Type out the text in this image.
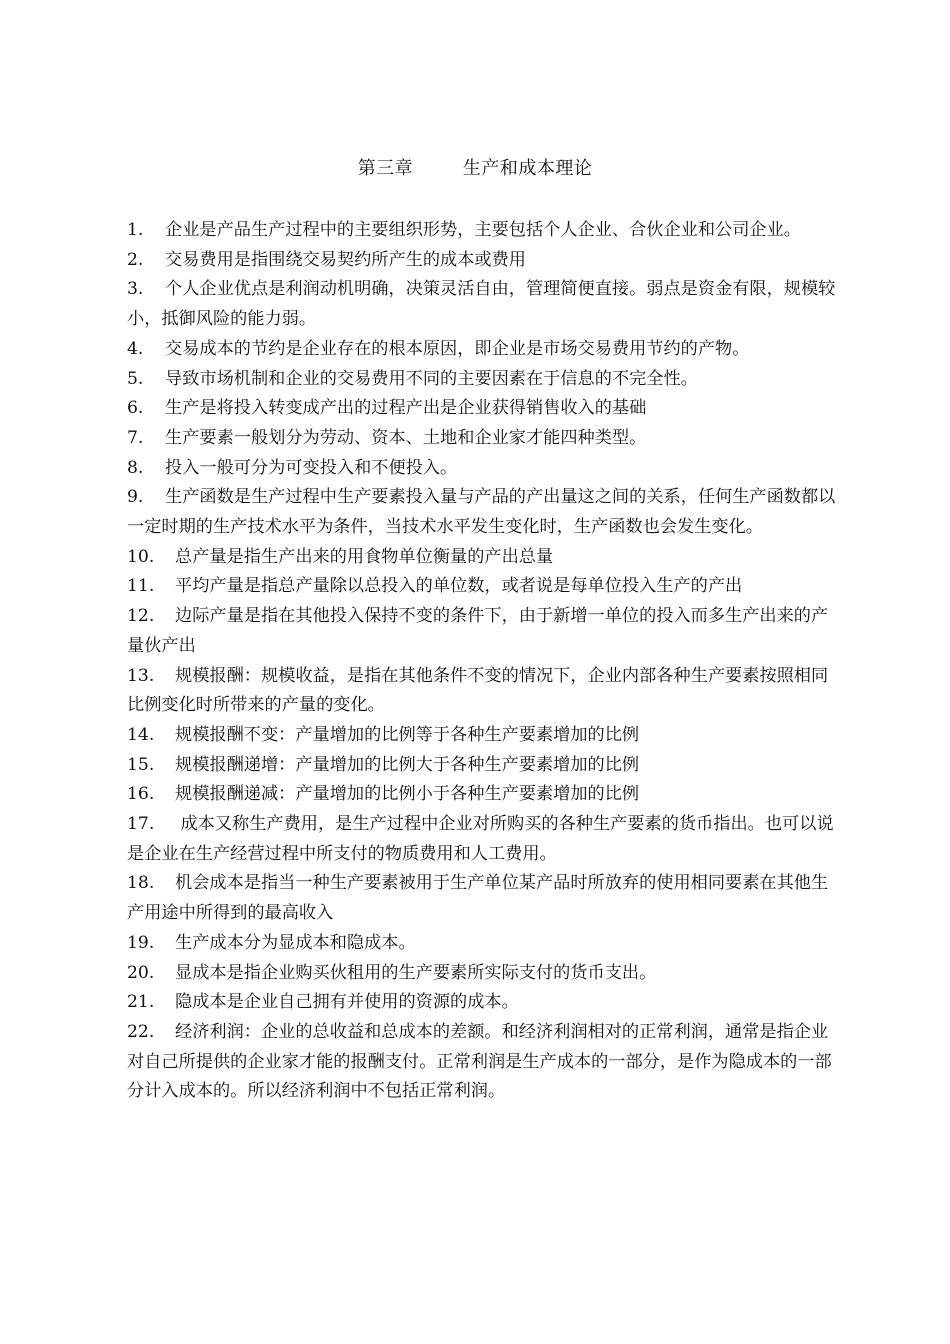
第三章        生产和成本理论

1. 企业是产品生产过程中的主要组织形势，主要包括个人企业、合伙企业和公司企业。

2. 交易费用是指围绕交易契约所产生的成本或费用

3. 个人企业优点是利润动机明确，决策灵活自由，管理简便直接。弱点是资金有限，规模较小，抵御风险的能力弱。

4. 交易成本的节约是企业存在的根本原因，即企业是市场交易费用节约的产物。

5. 导致市场机制和企业的交易费用不同的主要因素在于信息的不完全性。

6. 生产是将投入转变成产出的过程产出是企业获得销售收入的基础

7. 生产要素一般划分为劳动、资本、土地和企业家才能四种类型。

8. 投入一般可分为可变投入和不便投入。

9. 生产函数是生产过程中生产要素投入量与产品的产出量这之间的关系，任何生产函数都以一定时期的生产技术水平为条件，当技术水平发生变化时，生产函数也会发生变化。

10. 总产量是指生产出来的用食物单位衡量的产出总量

11. 平均产量是指总产量除以总投入的单位数，或者说是每单位投入生产的产出

12. 边际产量是指在其他投入保持不变的条件下，由于新增一单位的投入而多生产出来的产量伙产出

13. 规模报酬：规模收益，是指在其他条件不变的情况下，企业内部各种生产要素按照相同比例变化时所带来的产量的变化。

14. 规模报酬不变：产量增加的比例等于各种生产要素增加的比例

15. 规模报酬递增：产量增加的比例大于各种生产要素增加的比例

16. 规模报酬递减：产量增加的比例小于各种生产要素增加的比例

17. 成本又称生产费用，是生产过程中企业对所购买的各种生产要素的货币指出。也可以说是企业在生产经营过程中所支付的物质费用和人工费用。

18. 机会成本是指当一种生产要素被用于生产单位某产品时所放弃的使用相同要素在其他生产用途中所得到的最高收入

19. 生产成本分为显成本和隐成本。

20. 显成本是指企业购买伙租用的生产要素所实际支付的货币支出。

21. 隐成本是企业自己拥有并使用的资源的成本。

22. 经济利润：企业的总收益和总成本的差额。和经济利润相对的正常利润，通常是指企业对自己所提供的企业家才能的报酬支付。正常利润是生产成本的一部分，是作为隐成本的一部分计入成本的。所以经济利润中不包括正常利润。
